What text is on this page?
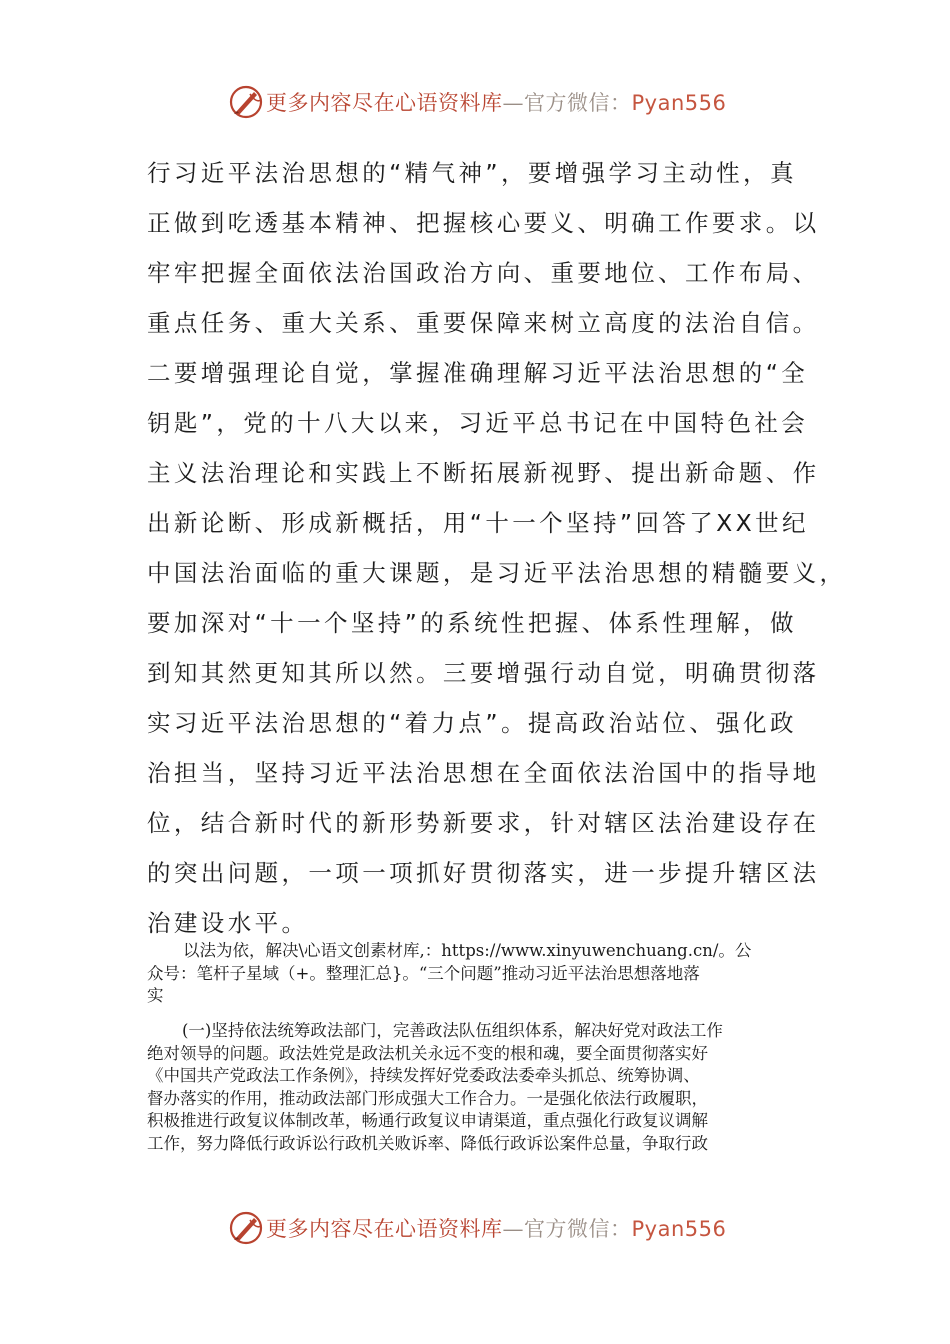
更多内容尽在心语资料库—官方微信：Pyan556
行习近平法治思想的“精气神”，要增强学习主动性，真
正做到吃透基本精神、把握核心要义、明确工作要求。以
牢牢把握全面依法治国政治方向、重要地位、工作布局、
重点任务、重大关系、重要保障来树立高度的法治自信。
二要增强理论自觉，掌握准确理解习近平法治思想的“全
钥匙”，党的十八大以来，习近平总书记在中国特色社会
主义法治理论和实践上不断拓展新视野、提出新命题、作
出新论断、形成新概括，用“十一个坚持”回答了XX世纪
中国法治面临的重大课题，是习近平法治思想的精髓要义，
要加深对“十一个坚持”的系统性把握、体系性理解，做
到知其然更知其所以然。三要增强行动自觉，明确贯彻落
实习近平法治思想的“着力点”。提高政治站位、强化政
治担当，坚持习近平法治思想在全面依法治国中的指导地
位，结合新时代的新形势新要求，针对辖区法治建设存在
的突出问题，一项一项抓好贯彻落实，进一步提升辖区法
治建设水平。
以法为依，解决\心语文创素材库,：https://www.xinyuwenchuang.cn/。公
众号：笔杆子星域（+。整理汇总}。“三个问题”推动习近平法治思想落地落
实
(一)坚持依法统筹政法部门，完善政法队伍组织体系，解决好党对政法工作
绝对领导的问题。政法姓党是政法机关永远不变的根和魂，要全面贯彻落实好
《中国共产党政法工作条例》，持续发挥好党委政法委牵头抓总、统筹协调、
督办落实的作用，推动政法部门形成强大工作合力。一是强化依法行政履职，
积极推进行政复议体制改革，畅通行政复议申请渠道，重点强化行政复议调解
工作，努力降低行政诉讼行政机关败诉率、降低行政诉讼案件总量，争取行政
更多内容尽在心语资料库—官方微信：Pyan556
